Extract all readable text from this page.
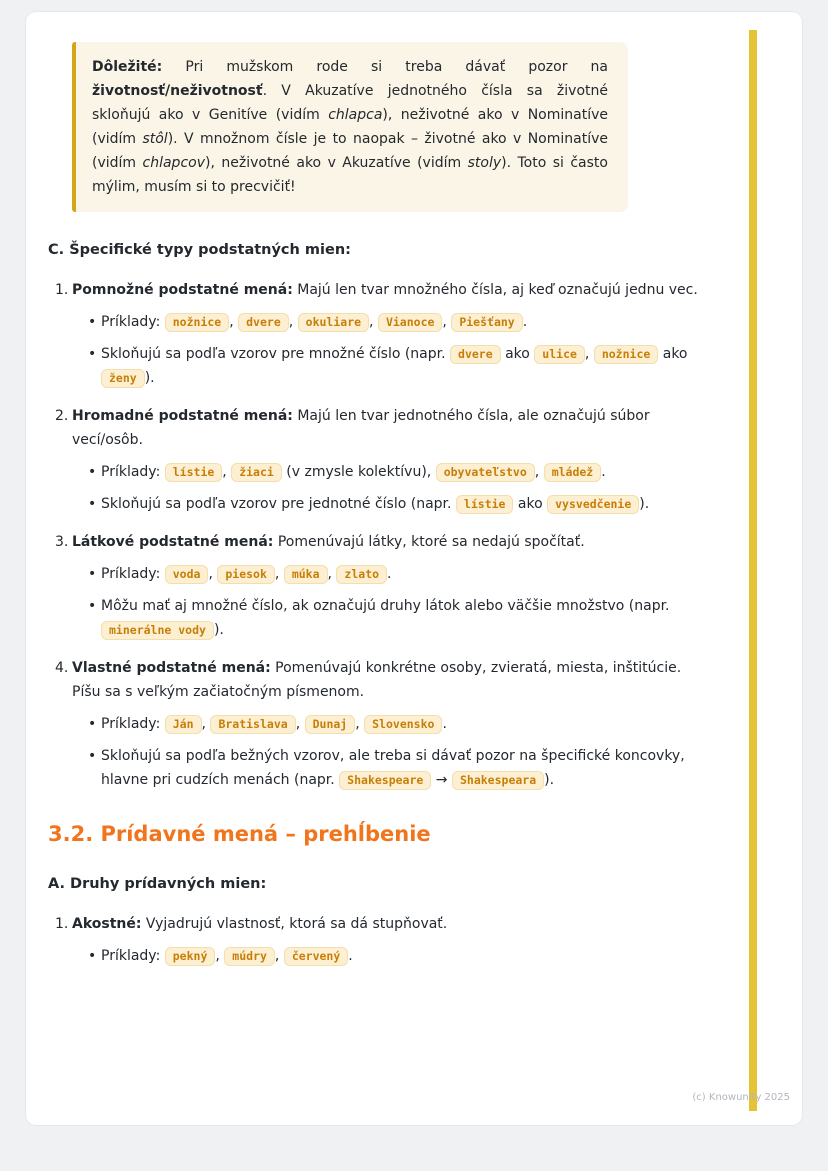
Dôležité: Pri mužskom rode si treba dávať pozor na životnosť/neživotnosť. V Akuzatíve jednotného čísla sa životné skloňujú ako v Genitíve (vidím chlapca), neživotné ako v Nominatíve (vidím stôl). V množnom čísle je to naopak – životné ako v Nominatíve (vidím chlapcov), neživotné ako v Akuzatíve (vidím stoly). Toto si často mýlim, musím si to precvičiť!

C. Špecifické typy podstatných mien:
1. Pomnožné podstatné mená: Majú len tvar množného čísla, aj keď označujú jednu vec.

• Príklady: nožnice , dvere , okuliare , Vianoce , Piešťany .

• Skloňujú sa podľa vzorov pre množné číslo (napr. dvere ako ulice , nožnice ako ženy ).

2. Hromadné podstatné mená: Majú len tvar jednotného čísla, ale označujú súbor vecí/osôb.

• Príklady: lístie , žiaci (v zmysle kolektívu), obyvateľstvo , mládež .

• Skloňujú sa podľa vzorov pre jednotné číslo (napr. lístie ako vysvedčenie ).

3. Látkové podstatné mená: Pomenúvajú látky, ktoré sa nedajú spočítať.

• Príklady: voda , piesok , múka , zlato .

• Môžu mať aj množné číslo, ak označujú druhy látok alebo väčšie množstvo (napr. minerálne vody ).

4. Vlastné podstatné mená: Pomenúvajú konkrétne osoby, zvieratá, miesta, inštitúcie. Píšu sa s veľkým začiatočným písmenom.

• Príklady: Ján , Bratislava , Dunaj , Slovensko .

• Skloňujú sa podľa bežných vzorov, ale treba si dávať pozor na špecifické koncovky, hlavne pri cudzích menách (napr. Shakespeare → Shakespeara ).

3.2. Prídavné mená – prehĺbenie
A. Druhy prídavných mien:
1. Akostné: Vyjadrujú vlastnosť, ktorá sa dá stupňovať.

• Príklady: pekný , múdry , červený .

(c) Knowunity 2025
